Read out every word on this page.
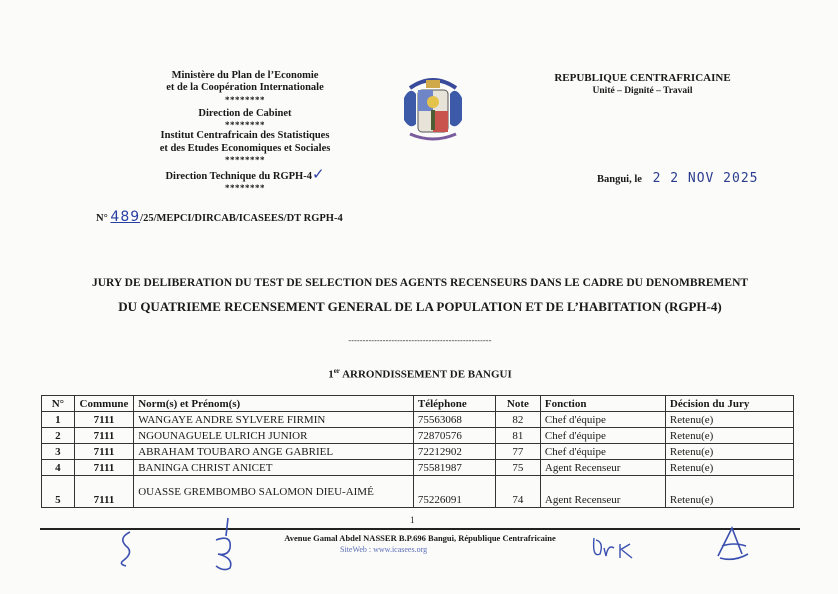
Ministère du Plan de l’Economie
et de la Coopération Internationale
********
Direction de Cabinet
********
Institut Centrafricain des Statistiques
et des Etudes Economiques et Sociales
********
Direction Technique du RGPH-4✓
********
N° 489/25/MEPCI/DIRCAB/ICASEES/DT RGPH-4
REPUBLIQUE CENTRAFRICAINE
Unité – Dignité – Travail
Bangui, le 2 2 NOV 2025
JURY DE DELIBERATION DU TEST DE SELECTION DES AGENTS RECENSEURS DANS LE CADRE DU DENOMBREMENT
DU QUATRIEME RECENSEMENT GENERAL DE LA POPULATION ET DE L’HABITATION (RGPH-4)
--------------------------------------------------
1er ARRONDISSEMENT DE BANGUI
N°	Commune	Norm(s) et Prénom(s)	Téléphone	Note	Fonction	Décision du Jury
1	7111	WANGAYE ANDRE SYLVERE FIRMIN	75563068	82	Chef d'équipe	Retenu(e)
2	7111	NGOUNAGUELE ULRICH JUNIOR	72870576	81	Chef d'équipe	Retenu(e)
3	7111	ABRAHAM TOUBARO ANGE GABRIEL	72212902	77	Chef d'équipe	Retenu(e)
4	7111	BANINGA CHRIST ANICET	75581987	75	Agent Recenseur	Retenu(e)
5	7111	OUASSE GREMBOMBO SALOMON DIEU-AIMÉ	75226091	74	Agent Recenseur	Retenu(e)
1
Avenue Gamal Abdel NASSER B.P.696 Bangui, République Centrafricaine
SiteWeb : www.icasees.org
